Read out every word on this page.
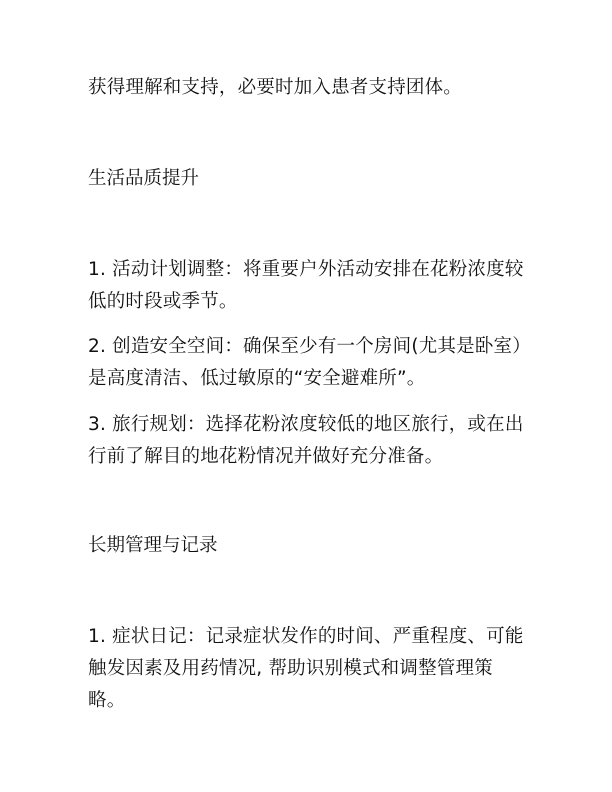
获得理解和支持，必要时加入患者支持团体。

生活品质提升

1. 活动计划调整：将重要户外活动安排在花粉浓度较低的时段或季节。

2. 创造安全空间：确保至少有一个房间(尤其是卧室）是高度清洁、低过敏原的“安全避难所”。

3. 旅行规划：选择花粉浓度较低的地区旅行，或在出行前了解目的地花粉情况并做好充分准备。

长期管理与记录

1. 症状日记：记录症状发作的时间、严重程度、可能触发因素及用药情况, 帮助识别模式和调整管理策略。
